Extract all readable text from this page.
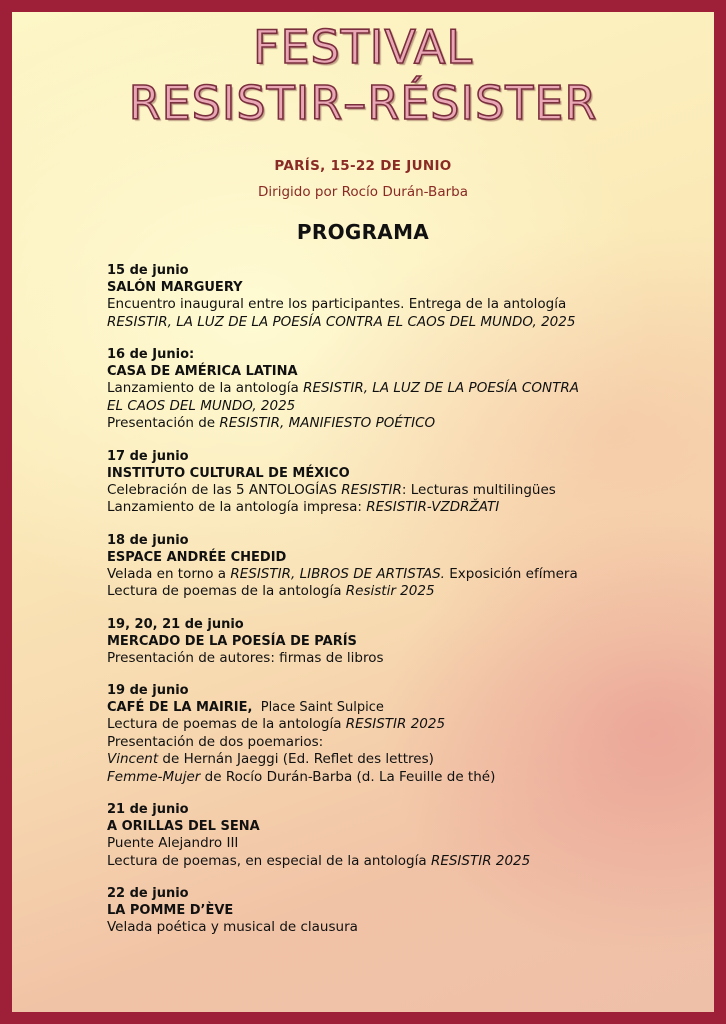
FESTIVAL
RESISTIR–RÉSISTER
PARÍS, 15-22 DE JUNIO
Dirigido por Rocío Durán-Barba
PROGRAMA
15 de junio
SALÓN MARGUERY
Encuentro inaugural entre los participantes. Entrega de la antología
RESISTIR, LA LUZ DE LA POESÍA CONTRA EL CAOS DEL MUNDO, 2025
16 de Junio:
CASA DE AMÉRICA LATINA
Lanzamiento de la antología RESISTIR, LA LUZ DE LA POESÍA CONTRA
EL CAOS DEL MUNDO, 2025
Presentación de RESISTIR, MANIFIESTO POÉTICO
17 de junio
INSTITUTO CULTURAL DE MÉXICO
Celebración de las 5 ANTOLOGÍAS RESISTIR: Lecturas multilingües
Lanzamiento de la antología impresa: RESISTIR-VZDRŽATI
18 de junio
ESPACE ANDRÉE CHEDID
Velada en torno a RESISTIR, LIBROS DE ARTISTAS. Exposición efímera
Lectura de poemas de la antología Resistir 2025
19, 20, 21 de junio
MERCADO DE LA POESÍA DE PARÍS
Presentación de autores: firmas de libros
19 de junio
CAFÉ DE LA MAIRIE,  Place Saint Sulpice
Lectura de poemas de la antología RESISTIR 2025
Presentación de dos poemarios:
Vincent de Hernán Jaeggi (Ed. Reflet des lettres)
Femme-Mujer de Rocío Durán-Barba (d. La Feuille de thé)
21 de junio
A ORILLAS DEL SENA
Puente Alejandro III
Lectura de poemas, en especial de la antología RESISTIR 2025
22 de junio
LA POMME D’ÈVE
Velada poética y musical de clausura
